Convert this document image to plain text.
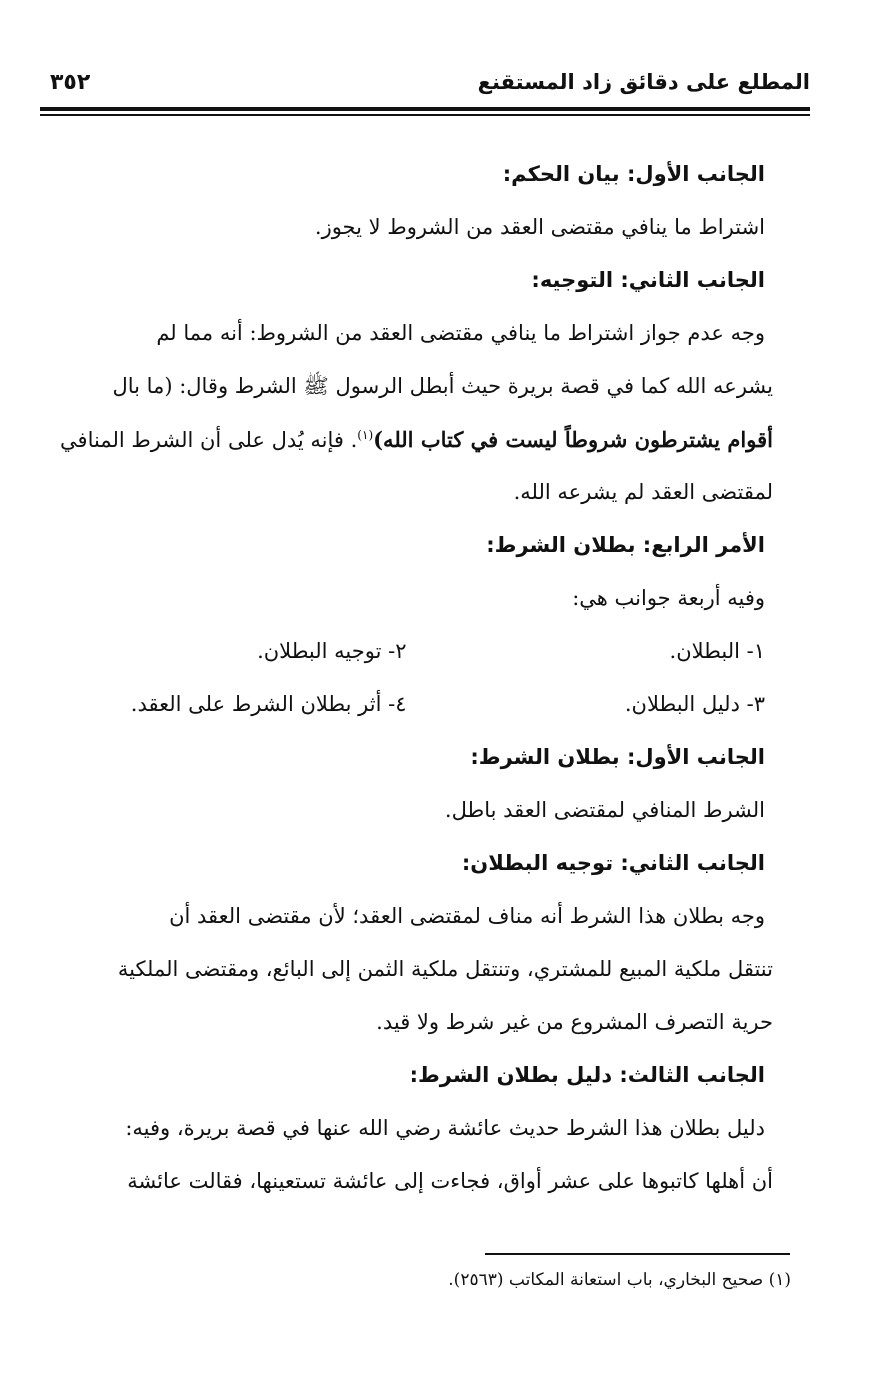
المطلع على دقائق زاد المستقنع
٣٥٢
الجانب الأول: بيان الحكم:
اشتراط ما ينافي مقتضى العقد من الشروط لا يجوز.
الجانب الثاني: التوجيه:
وجه عدم جواز اشتراط ما ينافي مقتضى العقد من الشروط: أنه مما لم
يشرعه الله كما في قصة بريرة حيث أبطل الرسول ﷺ الشرط وقال: (ما بال
أقوام يشترطون شروطاً ليست في كتاب الله)$^{(١)}$. فإنه يُدل على أن الشرط المنافي
لمقتضى العقد لم يشرعه الله.
الأمر الرابع: بطلان الشرط:
وفيه أربعة جوانب هي:
١- البطلان.
٢- توجيه البطلان.
٣- دليل البطلان.
٤- أثر بطلان الشرط على العقد.
الجانب الأول: بطلان الشرط:
الشرط المنافي لمقتضى العقد باطل.
الجانب الثاني: توجيه البطلان:
وجه بطلان هذا الشرط أنه مناف لمقتضى العقد؛ لأن مقتضى العقد أن
تنتقل ملكية المبيع للمشتري، وتنتقل ملكية الثمن إلى البائع، ومقتضى الملكية
حرية التصرف المشروع من غير شرط ولا قيد.
الجانب الثالث: دليل بطلان الشرط:
دليل بطلان هذا الشرط حديث عائشة رضي الله عنها في قصة بريرة، وفيه:
أن أهلها كاتبوها على عشر أواق، فجاءت إلى عائشة تستعينها، فقالت عائشة
(١) صحيح البخاري، باب استعانة المكاتب (٢٥٦٣).
